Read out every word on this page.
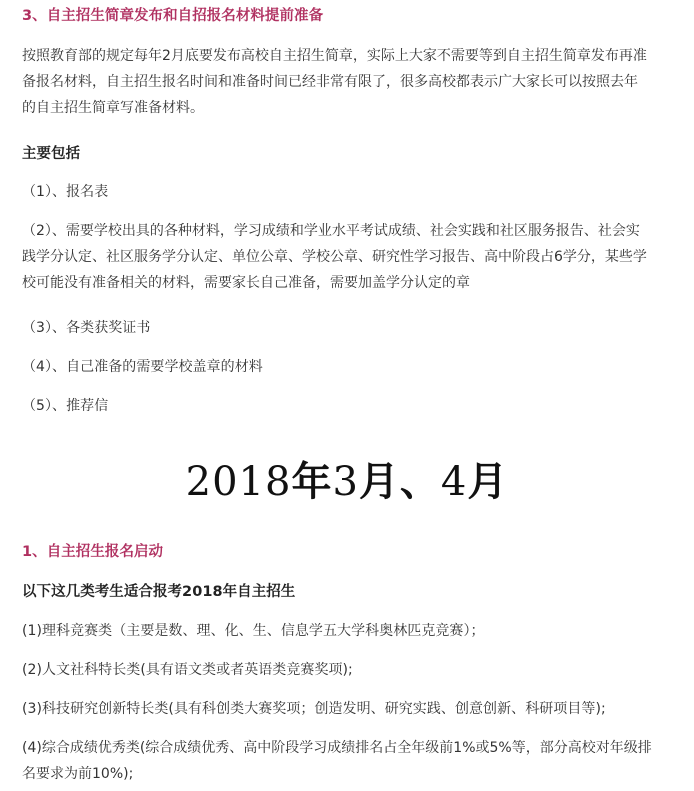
3、自主招生简章发布和自招报名材料提前准备
按照教育部的规定每年2月底要发布高校自主招生简章，实际上大家不需要等到自主招生简章发布再准
备报名材料，自主招生报名时间和准备时间已经非常有限了，很多高校都表示广大家长可以按照去年
的自主招生简章写准备材料。
主要包括
（1）、报名表
（2）、需要学校出具的各种材料，学习成绩和学业水平考试成绩、社会实践和社区服务报告、社会实
践学分认定、社区服务学分认定、单位公章、学校公章、研究性学习报告、高中阶段占6学分，某些学
校可能没有准备相关的材料，需要家长自己准备，需要加盖学分认定的章
（3）、各类获奖证书
（4）、自己准备的需要学校盖章的材料
（5）、推荐信
2018年3月、4月
1、自主招生报名启动
以下这几类考生适合报考2018年自主招生
(1)理科竞赛类（主要是数、理、化、生、信息学五大学科奥林匹克竞赛）；
(2)人文社科特长类(具有语文类或者英语类竞赛奖项);
(3)科技研究创新特长类(具有科创类大赛奖项；创造发明、研究实践、创意创新、科研项目等);
(4)综合成绩优秀类(综合成绩优秀、高中阶段学习成绩排名占全年级前1%或5%等，部分高校对年级排
名要求为前10%);
